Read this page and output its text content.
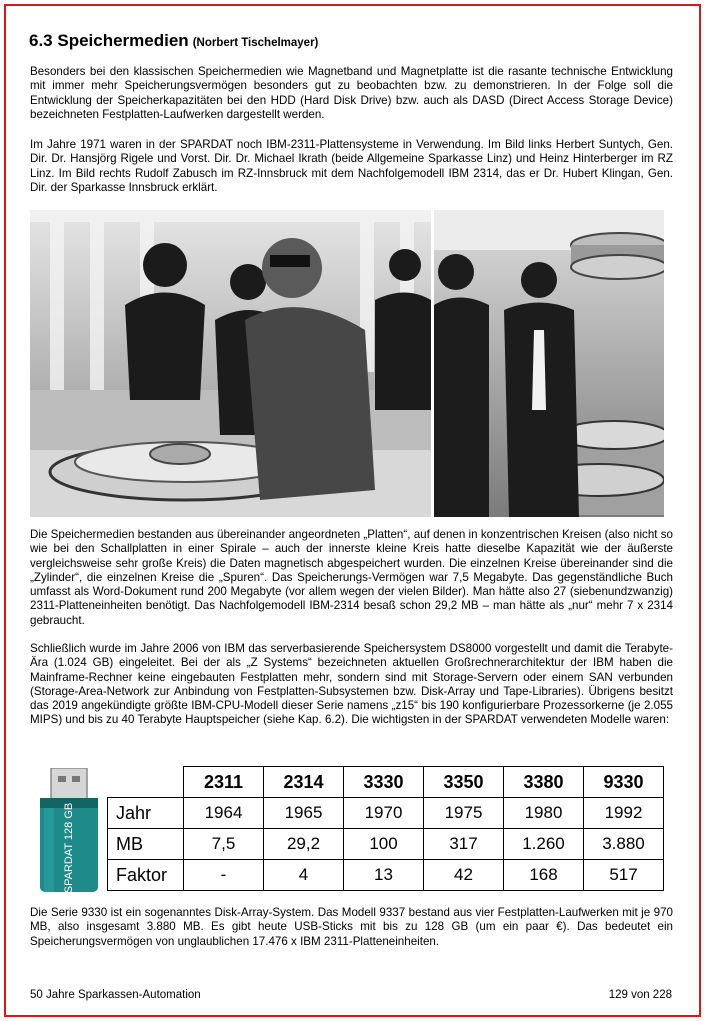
6.3 Speichermedien (Norbert Tischelmayer)

Besonders bei den klassischen Speichermedien wie Magnetband und Magnetplatte ist die rasante technische Entwicklung mit immer mehr Speicherungsvermögen besonders gut zu beobachten bzw. zu demonstrieren. In der Folge soll die Entwicklung der Speicherkapazitäten bei den HDD (Hard Disk Drive) bzw. auch als DASD (Direct Access Storage Device) bezeichneten Festplatten-Laufwerken dargestellt werden.

Im Jahre 1971 waren in der SPARDAT noch IBM-2311-Plattensysteme in Verwendung. Im Bild links Herbert Suntych, Gen. Dir. Dr. Hansjörg Rigele und Vorst. Dir. Dr. Michael Ikrath (beide Allgemeine Sparkasse Linz) und Heinz Hinterberger im RZ Linz. Im Bild rechts Rudolf Zabusch im RZ-Innsbruck mit dem Nachfolgemodell IBM 2314, das er Dr. Hubert Klingan, Gen. Dir. der Sparkasse Innsbruck erklärt.

Die Speichermedien bestanden aus übereinander angeordneten „Platten“, auf denen in konzentrischen Kreisen (also nicht so wie bei den Schallplatten in einer Spirale – auch der innerste kleine Kreis hatte dieselbe Kapazität wie der äußerste vergleichsweise sehr große Kreis) die Daten magnetisch abgespeichert wurden. Die einzelnen Kreise übereinander sind die „Zylinder“, die einzelnen Kreise die „Spuren“. Das Speicherungs-Vermögen war 7,5 Megabyte. Das gegenständliche Buch umfasst als Word-Dokument rund 200 Megabyte (vor allem wegen der vielen Bilder). Man hätte also 27 (siebenundzwanzig) 2311-Platteneinheiten benötigt. Das Nachfolgemodell IBM-2314 besaß schon 29,2 MB – man hätte als „nur“ mehr 7 x 2314 gebraucht.

Schließlich wurde im Jahre 2006 von IBM das serverbasierende Speichersystem DS8000 vorgestellt und damit die Terabyte-Ära (1.024 GB) eingeleitet. Bei der als „Z Systems“ bezeichneten aktuellen Großrechnerarchitektur der IBM haben die Mainframe-Rechner keine eingebauten Festplatten mehr, sondern sind mit Storage-Servern oder einem SAN verbunden (Storage-Area-Network zur Anbindung von Festplatten-Subsystemen bzw. Disk-Array und Tape-Libraries). Übrigens besitzt das 2019 angekündigte größte IBM-CPU-Modell dieser Serie namens „z15“ bis 190 konfigurierbare Prozessorkerne (je 2.055 MIPS) und bis zu 40 Terabyte Hauptspeicher (siehe Kap. 6.2). Die wichtigsten in der SPARDAT verwendeten Modelle waren:

SPARDAT 128 GB
	2311	2314	3330	3350	3380	9330
Jahr	1964	1965	1970	1975	1980	1992
MB	7,5	29,2	100	317	1.260	3.880
Faktor	-	4	13	42	168	517

Die Serie 9330 ist ein sogenanntes Disk-Array-System. Das Modell 9337 bestand aus vier Festplatten-Laufwerken mit je 970 MB, also insgesamt 3.880 MB. Es gibt heute USB-Sticks mit bis zu 128 GB (um ein paar €). Das bedeutet ein Speicherungsvermögen von unglaublichen 17.476 x IBM 2311-Platteneinheiten.

50 Jahre Sparkassen-Automation	129 von 228
